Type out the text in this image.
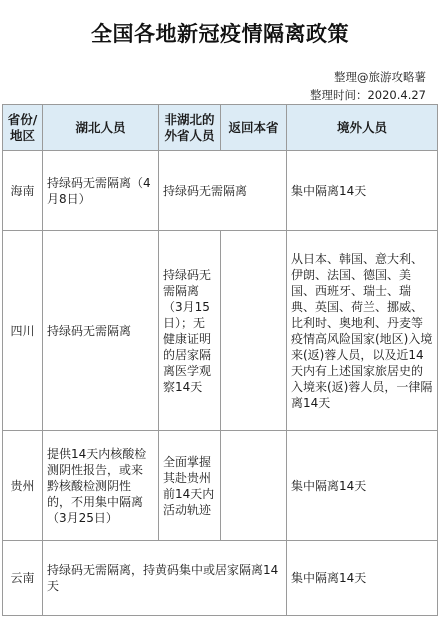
全国各地新冠疫情隔离政策
整理@旅游攻略薯
整理时间：2020.4.27
省份/地区	湖北人员	非湖北的外省人员	返回本省	境外人员
海南	持绿码无需隔离（4月8日）	持绿码无需隔离		集中隔离14天
四川	持绿码无需隔离	持绿码无需隔离（3月15日）；无健康证明的居家隔离医学观察14天		从日本、韩国、意大利、伊朗、法国、德国、美国、西班牙、瑞士、瑞典、英国、荷兰、挪威、比利时、奥地利、丹麦等疫情高风险国家(地区)入境来(返)蓉人员，以及近14天内有上述国家旅居史的入境来(返)蓉人员，一律隔离14天
贵州	提供14天内核酸检测阴性报告，或来黔核酸检测阴性的，不用集中隔离（3月25日）	全面掌握其赴贵州前14天内活动轨迹		集中隔离14天
云南	持绿码无需隔离，持黄码集中或居家隔离14天			集中隔离14天
